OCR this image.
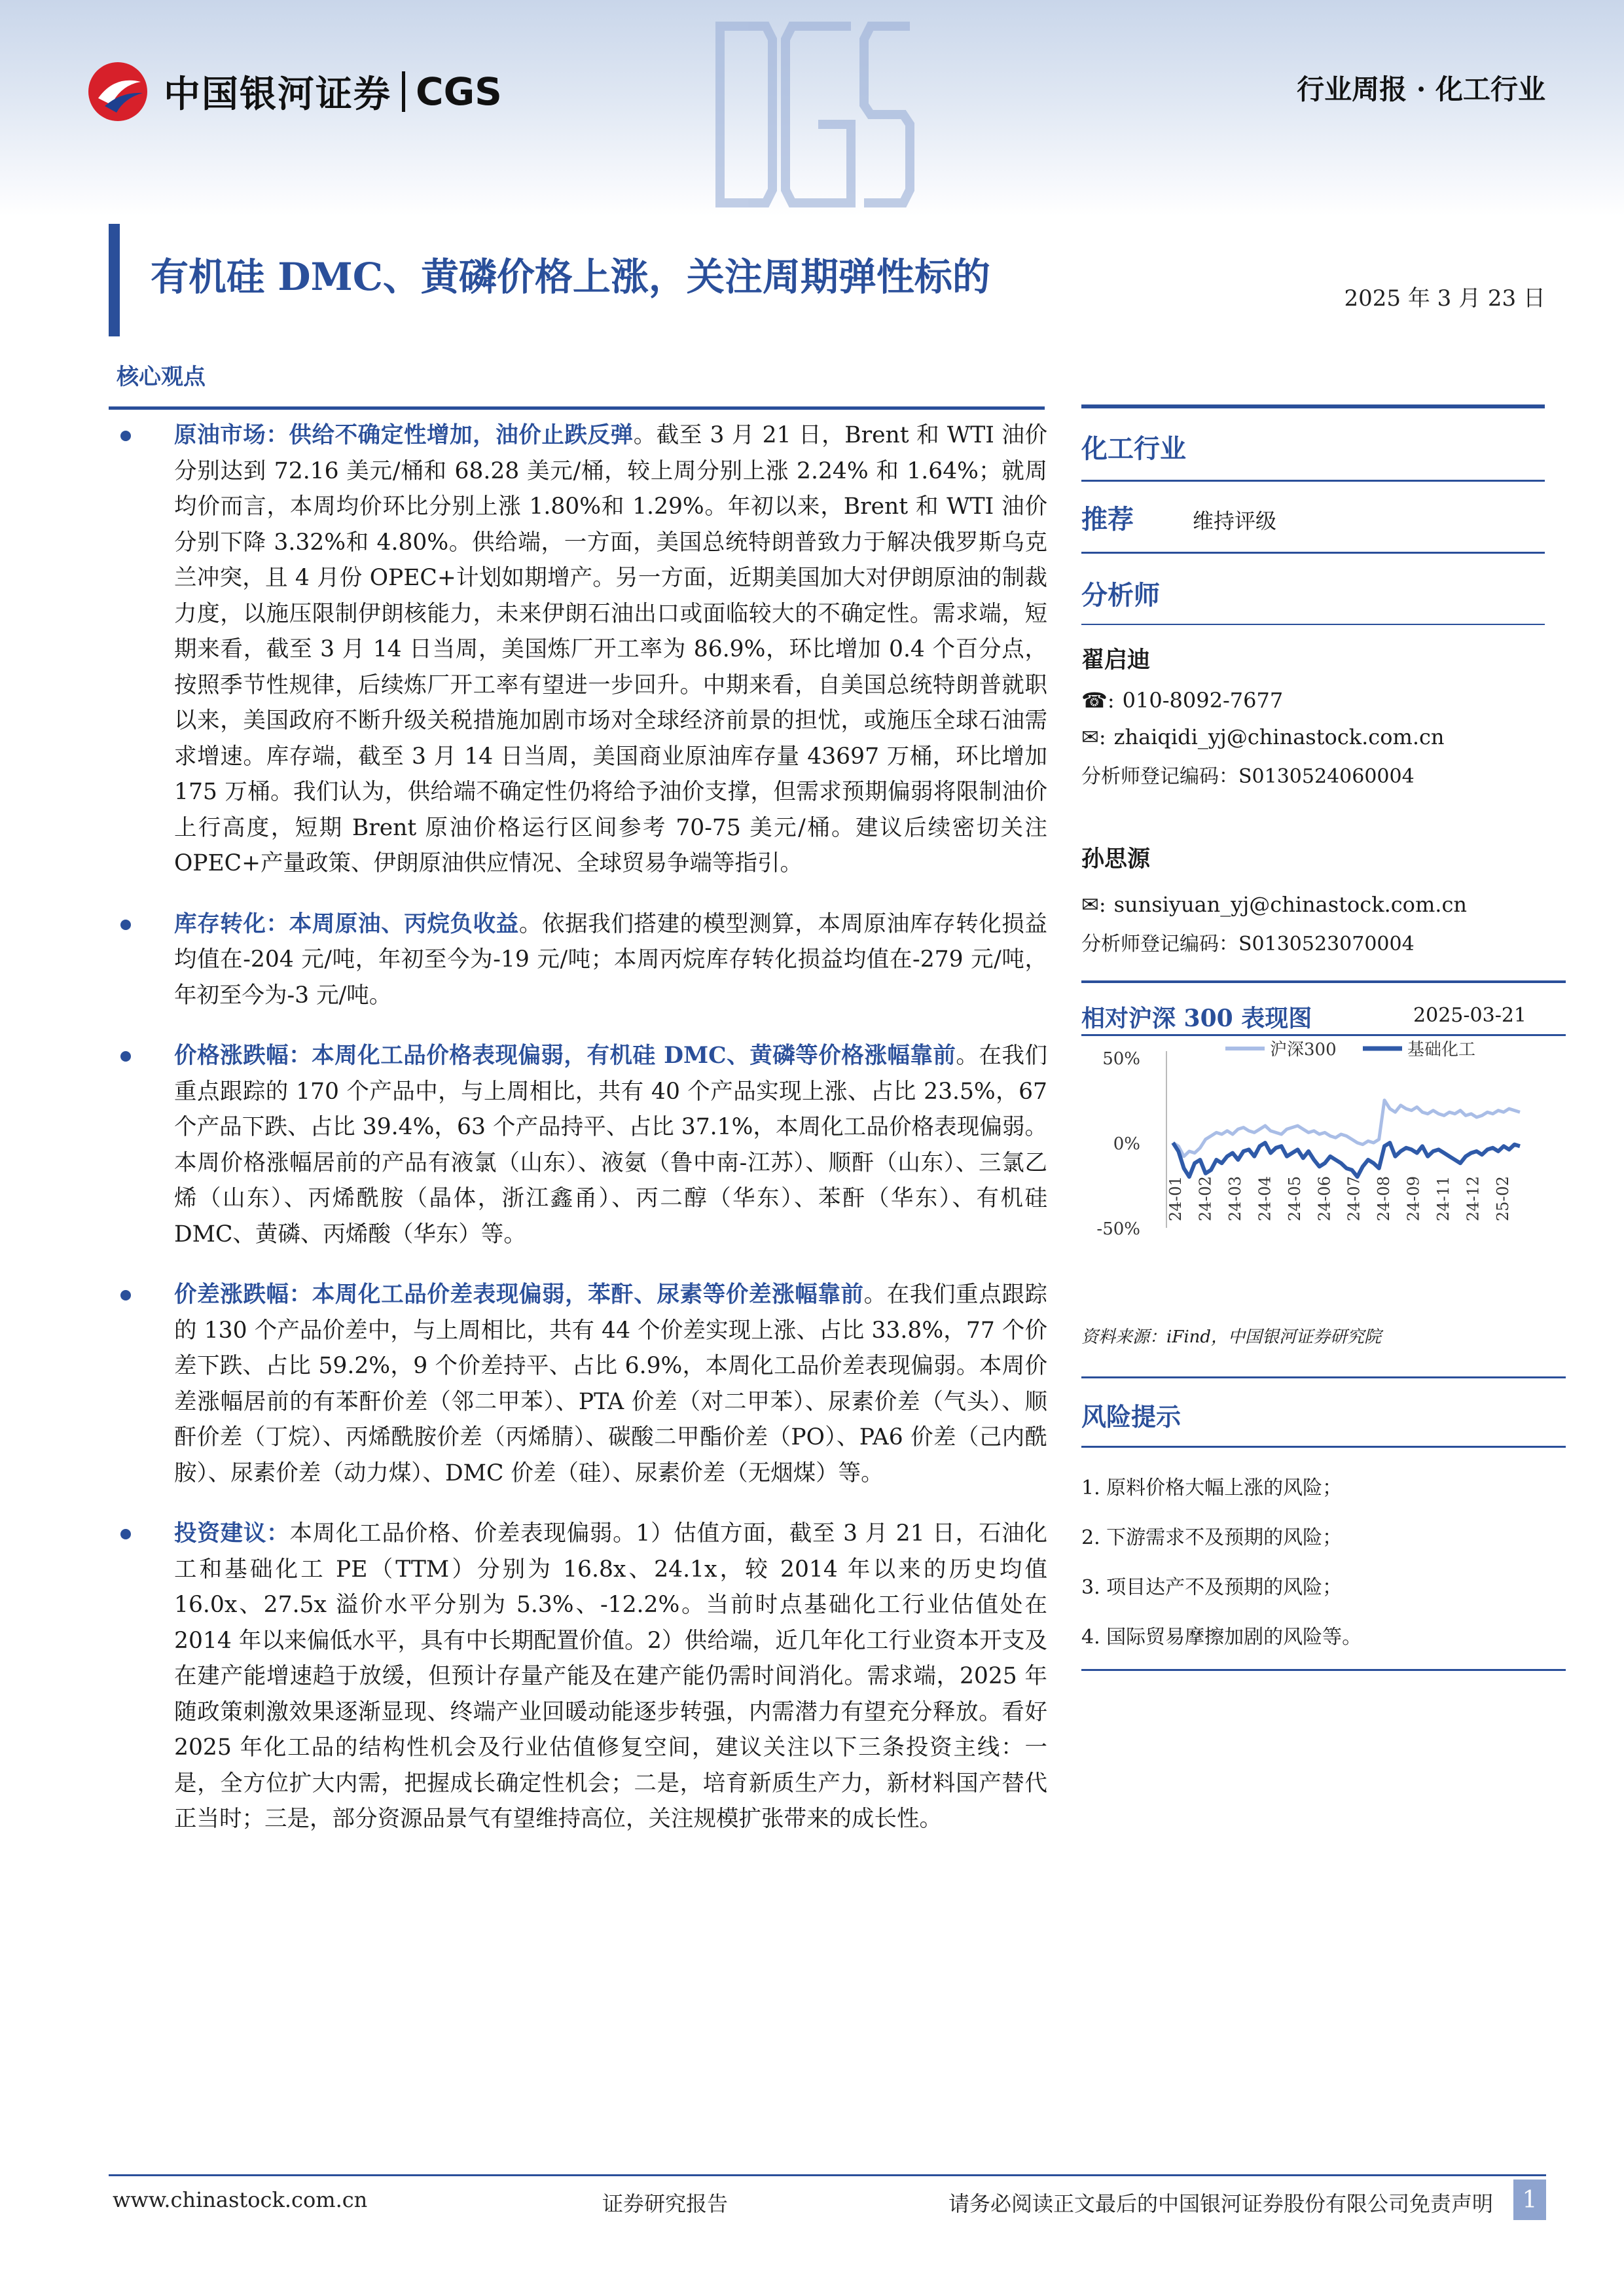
中国银河证券 CGS	行业周报 · 化工行业
有机硅 DMC、黄磷价格上涨，关注周期弹性标的	2025 年 3 月 23 日
核心观点

原油市场：供给不确定性增加，油价止跌反弹。截至 3 月 21 日，Brent 和 WTI 油价分别达到 72.16 美元/桶和 68.28 美元/桶，较上周分别上涨 2.24% 和 1.64%；就周均价而言，本周均价环比分别上涨 1.80%和 1.29%。年初以来，Brent 和 WTI 油价分别下降 3.32%和 4.80%。供给端，一方面，美国总统特朗普致力于解决俄罗斯乌克兰冲突，且 4 月份 OPEC+计划如期增产。另一方面，近期美国加大对伊朗原油的制裁力度，以施压限制伊朗核能力，未来伊朗石油出口或面临较大的不确定性。需求端，短期来看，截至 3 月 14 日当周，美国炼厂开工率为 86.9%，环比增加 0.4 个百分点，按照季节性规律，后续炼厂开工率有望进一步回升。中期来看，自美国总统特朗普就职以来，美国政府不断升级关税措施加剧市场对全球经济前景的担忧，或施压全球石油需求增速。库存端，截至 3 月 14 日当周，美国商业原油库存量 43697 万桶，环比增加 175 万桶。我们认为，供给端不确定性仍将给予油价支撑，但需求预期偏弱将限制油价上行高度，短期 Brent 原油价格运行区间参考 70-75 美元/桶。建议后续密切关注 OPEC+产量政策、伊朗原油供应情况、全球贸易争端等指引。

库存转化：本周原油、丙烷负收益。依据我们搭建的模型测算，本周原油库存转化损益均值在-204 元/吨，年初至今为-19 元/吨；本周丙烷库存转化损益均值在-279 元/吨，年初至今为-3 元/吨。

价格涨跌幅：本周化工品价格表现偏弱，有机硅 DMC、黄磷等价格涨幅靠前。在我们重点跟踪的 170 个产品中，与上周相比，共有 40 个产品实现上涨、占比 23.5%，67 个产品下跌、占比 39.4%，63 个产品持平、占比 37.1%，本周化工品价格表现偏弱。本周价格涨幅居前的产品有液氯（山东）、液氨（鲁中南-江苏）、顺酐（山东）、三氯乙烯（山东）、丙烯酰胺（晶体，浙江鑫甬）、丙二醇（华东）、苯酐（华东）、有机硅 DMC、黄磷、丙烯酸（华东）等。

价差涨跌幅：本周化工品价差表现偏弱，苯酐、尿素等价差涨幅靠前。在我们重点跟踪的 130 个产品价差中，与上周相比，共有 44 个价差实现上涨、占比 33.8%，77 个价差下跌、占比 59.2%，9 个价差持平、占比 6.9%，本周化工品价差表现偏弱。本周价差涨幅居前的有苯酐价差（邻二甲苯）、PTA 价差（对二甲苯）、尿素价差（气头）、顺酐价差（丁烷）、丙烯酰胺价差（丙烯腈）、碳酸二甲酯价差（PO）、PA6 价差（己内酰胺）、尿素价差（动力煤）、DMC 价差（硅）、尿素价差（无烟煤）等。

投资建议：本周化工品价格、价差表现偏弱。1）估值方面，截至 3 月 21 日，石油化工和基础化工 PE（TTM）分别为 16.8x、24.1x，较 2014 年以来的历史均值 16.0x、27.5x 溢价水平分别为 5.3%、-12.2%。当前时点基础化工行业估值处在 2014 年以来偏低水平，具有中长期配置价值。2）供给端，近几年化工行业资本开支及在建产能增速趋于放缓，但预计存量产能及在建产能仍需时间消化。需求端，2025 年随政策刺激效果逐渐显现、终端产业回暖动能逐步转强，内需潜力有望充分释放。看好 2025 年化工品的结构性机会及行业估值修复空间，建议关注以下三条投资主线：一是，全方位扩大内需，把握成长确定性机会；二是，培育新质生产力，新材料国产替代正当时；三是，部分资源品景气有望维持高位，关注规模扩张带来的成长性。

化工行业
推荐	维持评级
分析师
翟启迪
☎: 010-8092-7677
✉: zhaiqidi_yj@chinastock.com.cn
分析师登记编码：S0130524060004
孙思源
✉: sunsiyuan_yj@chinastock.com.cn
分析师登记编码：S0130523070004
相对沪深 300 表现图	2025-03-21
50%
0%
-50%
沪深300	基础化工
24-01 24-02 24-03 24-04 24-05 24-06 24-07 24-08 24-09 24-11 24-12 25-02
资料来源：iFind，中国银河证券研究院
风险提示
1. 原料价格大幅上涨的风险；
2. 下游需求不及预期的风险；
3. 项目达产不及预期的风险；
4. 国际贸易摩擦加剧的风险等。
www.chinastock.com.cn	证券研究报告	请务必阅读正文最后的中国银河证券股份有限公司免责声明	1
